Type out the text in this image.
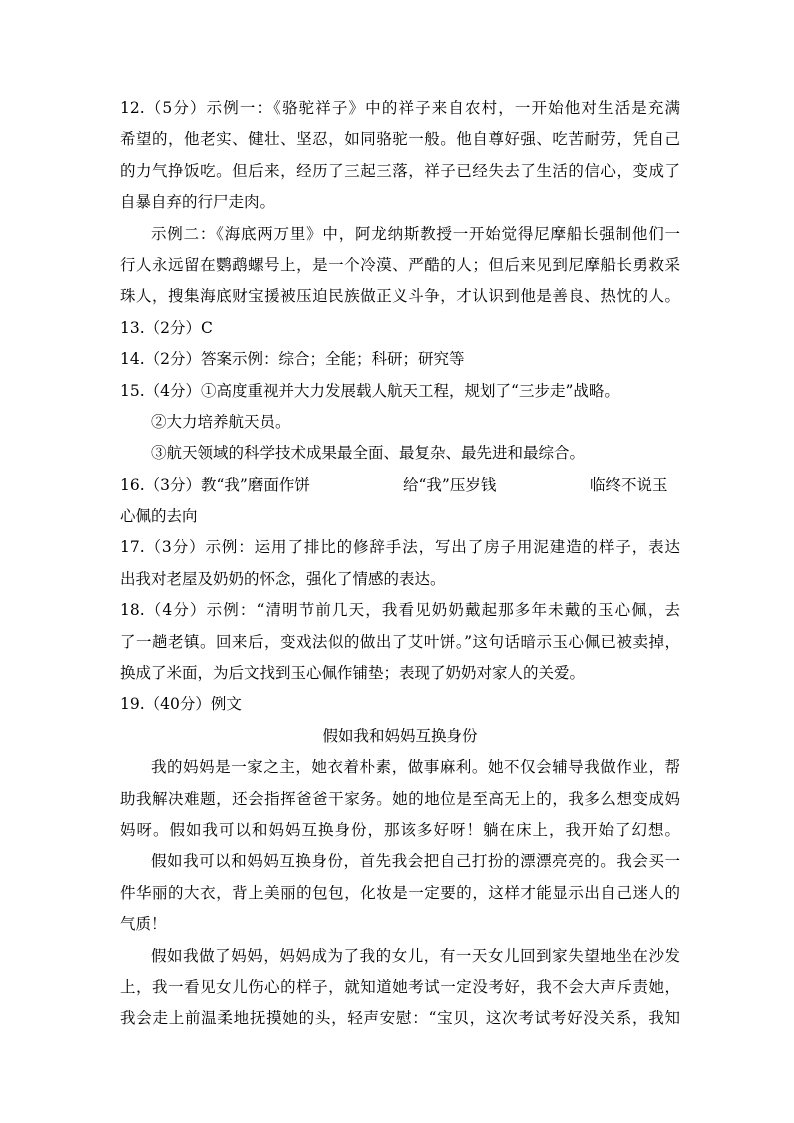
12.（5分）示例一：《骆驼祥子》中的祥子来自农村，一开始他对生活是充满
希望的，他老实、健壮、坚忍，如同骆驼一般。他自尊好强、吃苦耐劳，凭自己
的力气挣饭吃。但后来，经历了三起三落，祥子已经失去了生活的信心，变成了
自暴自弃的行尸走肉。
示例二：《海底两万里》中，阿龙纳斯教授一开始觉得尼摩船长强制他们一
行人永远留在鹦鹉螺号上，是一个冷漠、严酷的人；但后来见到尼摩船长勇救采
珠人，搜集海底财宝援被压迫民族做正义斗争，才认识到他是善良、热忱的人。
13.（2分）C
14.（2分）答案示例：综合；全能；科研；研究等
15.（4分）①高度重视并大力发展载人航天工程，规划了“三步走”战略。
②大力培养航天员。
③航天领域的科学技术成果最全面、最复杂、最先进和最综合。
16.（3分）教“我”磨面作饼	给“我”压岁钱	临终不说玉
心佩的去向
17.（3分）示例：运用了排比的修辞手法，写出了房子用泥建造的样子，表达
出我对老屋及奶奶的怀念，强化了情感的表达。
18.（4分）示例：“清明节前几天，我看见奶奶戴起那多年未戴的玉心佩，去
了一趟老镇。回来后，变戏法似的做出了艾叶饼。”这句话暗示玉心佩已被卖掉，
换成了米面，为后文找到玉心佩作铺垫；表现了奶奶对家人的关爱。
19.（40分）例文
假如我和妈妈互换身份
我的妈妈是一家之主，她衣着朴素，做事麻利。她不仅会辅导我做作业，帮
助我解决难题，还会指挥爸爸干家务。她的地位是至高无上的，我多么想变成妈
妈呀。假如我可以和妈妈互换身份，那该多好呀！躺在床上，我开始了幻想。
假如我可以和妈妈互换身份，首先我会把自己打扮的漂漂亮亮的。我会买一
件华丽的大衣，背上美丽的包包，化妆是一定要的，这样才能显示出自己迷人的
气质！
假如我做了妈妈，妈妈成为了我的女儿，有一天女儿回到家失望地坐在沙发
上，我一看见女儿伤心的样子，就知道她考试一定没考好，我不会大声斥责她，
我会走上前温柔地抚摸她的头，轻声安慰：“宝贝，这次考试考好没关系，我知
